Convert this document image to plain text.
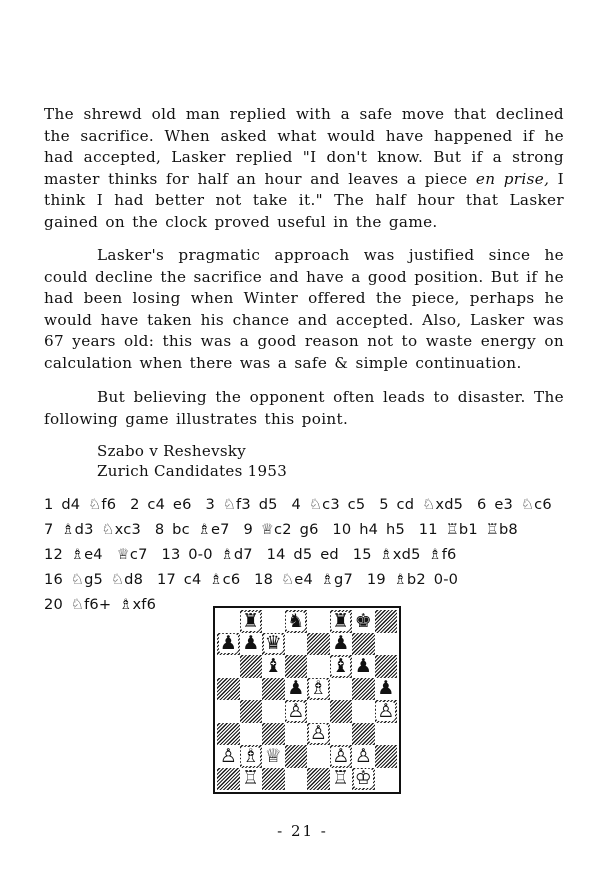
The shrewd old man replied with a safe move that declined the sacrifice. When asked what would have happened if he had accepted, Lasker replied "I don't know. But if a strong master thinks for half an hour and leaves a piece en prise, I think I had better not take it." The half hour that Lasker gained on the clock proved useful in the game.
Lasker's pragmatic approach was justified since he could decline the sacrifice and have a good position. But if he had been losing when Winter offered the piece, perhaps he would have taken his chance and accepted. Also, Lasker was 67 years old: this was a good reason not to waste energy on calculation when there was a safe & simple continuation.
But believing the opponent often leads to disaster. The following game illustrates this point.
Szabo v Reshevsky
Zurich Candidates 1953
1 d4 ♘f6 2 c4 e6 3 ♘f3 d5 4 ♘c3 c5 5 cd ♘xd5 6 e3 ♘c6 7 ♗d3 ♘xc3 8 bc ♗e7 9 ♕c2 g6 10 h4 h5 11 ♖b1 ♖b8 12 ♗e4 ♕c7 13 0-0 ♗d7 14 d5 ed 15 ♗xd5 ♗f6 16 ♘g5 ♘d8 17 c4 ♗c6 18 ♘e4 ♗g7 19 ♗b2 0-0 20 ♘f6+ ♗xf6
♜ ♞ ♜ ♚
♟ ♟ ♛	♟
♝	♝ ♟
♟ ♗	♟
♙	♙
♙
♙ ♗ ♕	♙ ♙
♖	♖ ♔
- 21 -
